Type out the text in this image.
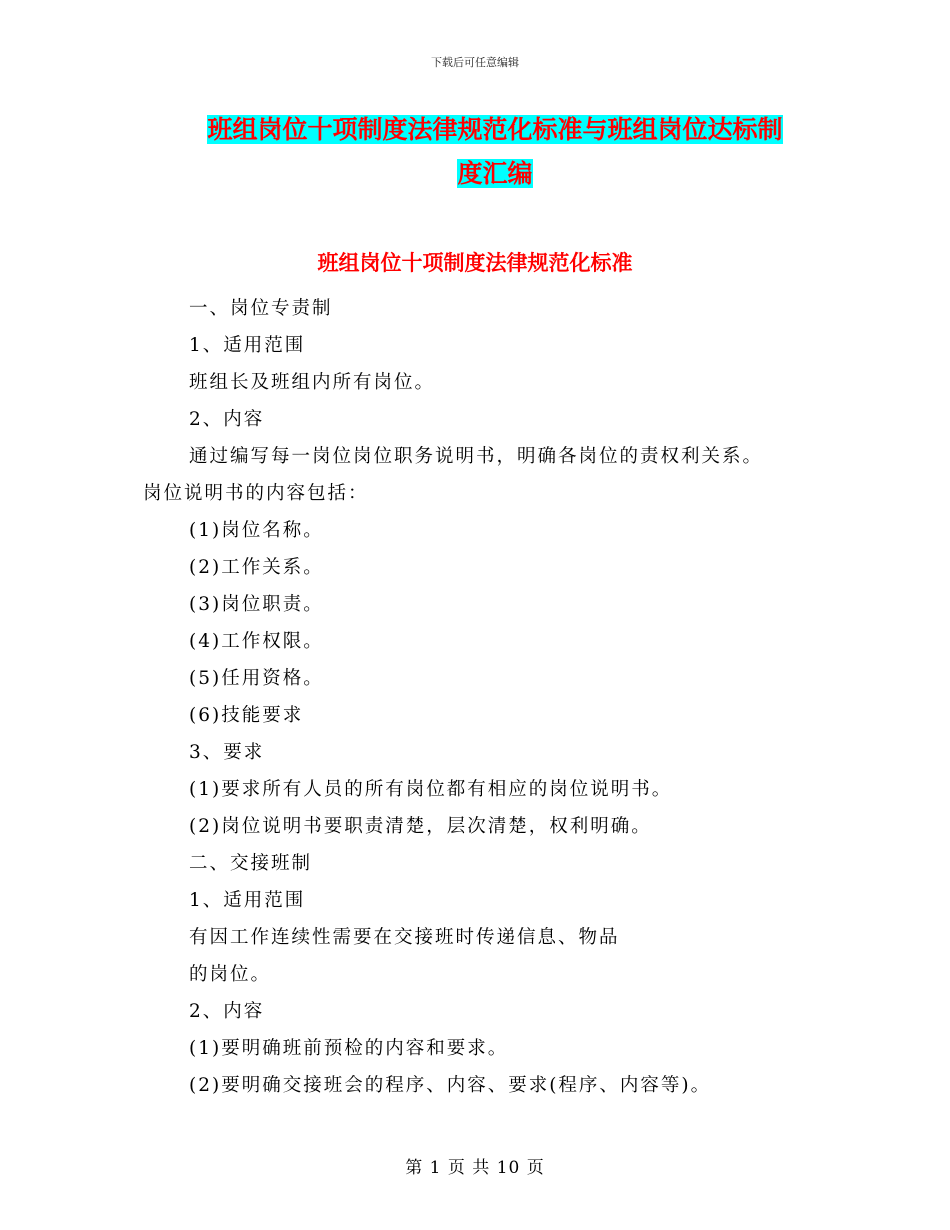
下载后可任意编辑
班组岗位十项制度法律规范化标准与班组岗位达标制
度汇编
班组岗位十项制度法律规范化标准

一、岗位专责制

1、适用范围

班组长及班组内所有岗位。

2、内容

通过编写每一岗位岗位职务说明书，明确各岗位的责权利关系。

岗位说明书的内容包括：

(1)岗位名称。

(2)工作关系。

(3)岗位职责。

(4)工作权限。

(5)任用资格。

(6)技能要求

3、要求

(1)要求所有人员的所有岗位都有相应的岗位说明书。

(2)岗位说明书要职责清楚，层次清楚，权利明确。

二、交接班制

1、适用范围

有因工作连续性需要在交接班时传递信息、物品

的岗位。

2、内容

(1)要明确班前预检的内容和要求。

(2)要明确交接班会的程序、内容、要求(程序、内容等)。

第 1 页 共 10 页
